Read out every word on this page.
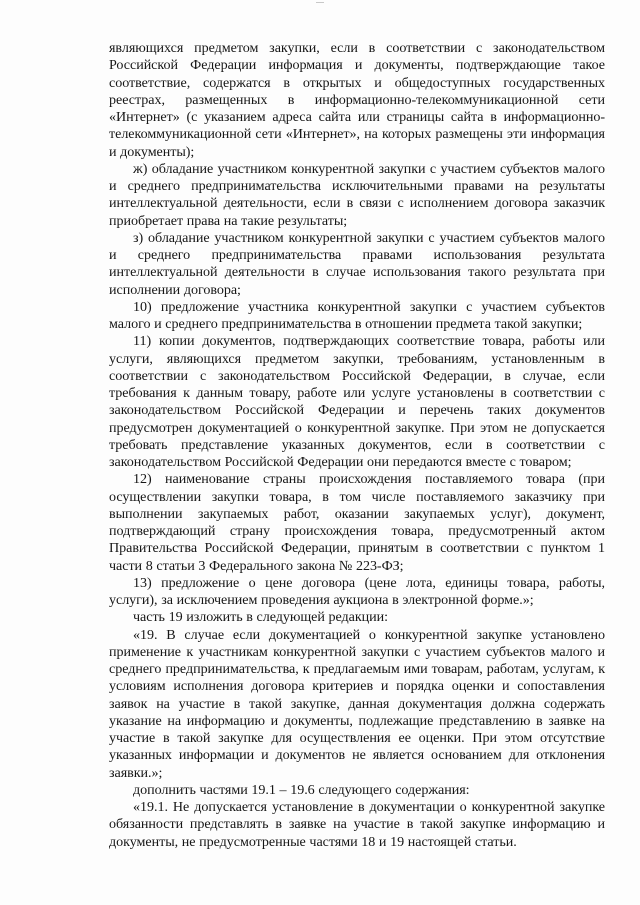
являющихся предметом закупки, если в соответствии с законодательством Российской Федерации информация и документы, подтверждающие такое соответствие, содержатся в открытых и общедоступных государственных реестрах, размещенных в информационно-телекоммуникационной сети «Интернет» (с указанием адреса сайта или страницы сайта в информационно-телекоммуникационной сети «Интернет», на которых размещены эти информация и документы);

ж) обладание участником конкурентной закупки с участием субъектов малого и среднего предпринимательства исключительными правами на результаты интеллектуальной деятельности, если в связи с исполнением договора заказчик приобретает права на такие результаты;

з) обладание участником конкурентной закупки с участием субъектов малого и среднего предпринимательства правами использования результата интеллектуальной деятельности в случае использования такого результата при исполнении договора;

10) предложение участника конкурентной закупки с участием субъектов малого и среднего предпринимательства в отношении предмета такой закупки;

11) копии документов, подтверждающих соответствие товара, работы или услуги, являющихся предметом закупки, требованиям, установленным в соответствии с законодательством Российской Федерации, в случае, если требования к данным товару, работе или услуге установлены в соответствии с законодательством Российской Федерации и перечень таких документов предусмотрен документацией о конкурентной закупке. При этом не допускается требовать представление указанных документов, если в соответствии с законодательством Российской Федерации они передаются вместе с товаром;

12) наименование страны происхождения поставляемого товара (при осуществлении закупки товара, в том числе поставляемого заказчику при выполнении закупаемых работ, оказании закупаемых услуг), документ, подтверждающий страну происхождения товара, предусмотренный актом Правительства Российской Федерации, принятым в соответствии с пунктом 1 части 8 статьи 3 Федерального закона № 223-ФЗ;

13) предложение о цене договора (цене лота, единицы товара, работы, услуги), за исключением проведения аукциона в электронной форме.»;

часть 19 изложить в следующей редакции:

«19. В случае если документацией о конкурентной закупке установлено применение к участникам конкурентной закупки с участием субъектов малого и среднего предпринимательства, к предлагаемым ими товарам, работам, услугам, к условиям исполнения договора критериев и порядка оценки и сопоставления заявок на участие в такой закупке, данная документация должна содержать указание на информацию и документы, подлежащие представлению в заявке на участие в такой закупке для осуществления ее оценки. При этом отсутствие указанных информации и документов не является основанием для отклонения заявки.»;

дополнить частями 19.1 – 19.6 следующего содержания:

«19.1. Не допускается установление в документации о конкурентной закупке обязанности представлять в заявке на участие в такой закупке информацию и документы, не предусмотренные частями 18 и 19 настоящей статьи.
